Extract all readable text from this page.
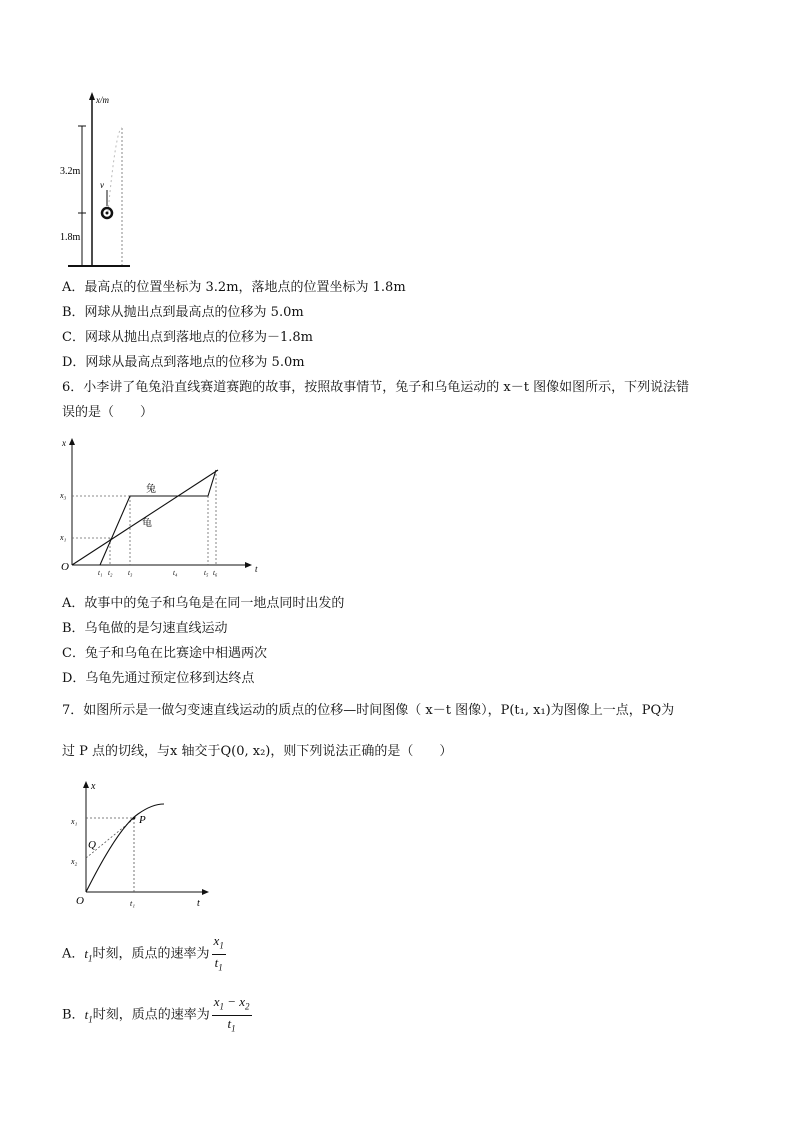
x/m
3.2m
1.8m
v
A．最高点的位置坐标为 3.2m，落地点的位置坐标为 1.8m
B．网球从抛出点到最高点的位移为 5.0m
C．网球从抛出点到落地点的位移为－1.8m
D．网球从最高点到落地点的位移为 5.0m
6．小李讲了龟兔沿直线赛道赛跑的故事，按照故事情节，兔子和乌龟运动的 x－t 图像如图所示，下列说法错
误的是（　　）
x
t
O
x₃
x₁
兔
龟
t₁ t₂ t₃	t₄	t₅ t₆
A．故事中的兔子和乌龟是在同一地点同时出发的
B．乌龟做的是匀速直线运动
C．兔子和乌龟在比赛途中相遇两次
D．乌龟先通过预定位移到达终点
7．如图所示是一做匀变速直线运动的质点的位移—时间图像（ x－t 图像），P(t₁, x₁)为图像上一点，PQ为
过 P 点的切线，与x 轴交于Q(0, x₂)，则下列说法正确的是（　　）
x
t
O
x₁
x₂
t₁
P
Q
A．$t_1$时刻，质点的速率为 $\frac{x_1}{t_1}$
B．$t_1$时刻，质点的速率为 $\frac{x_1 - x_2}{t_1}$
